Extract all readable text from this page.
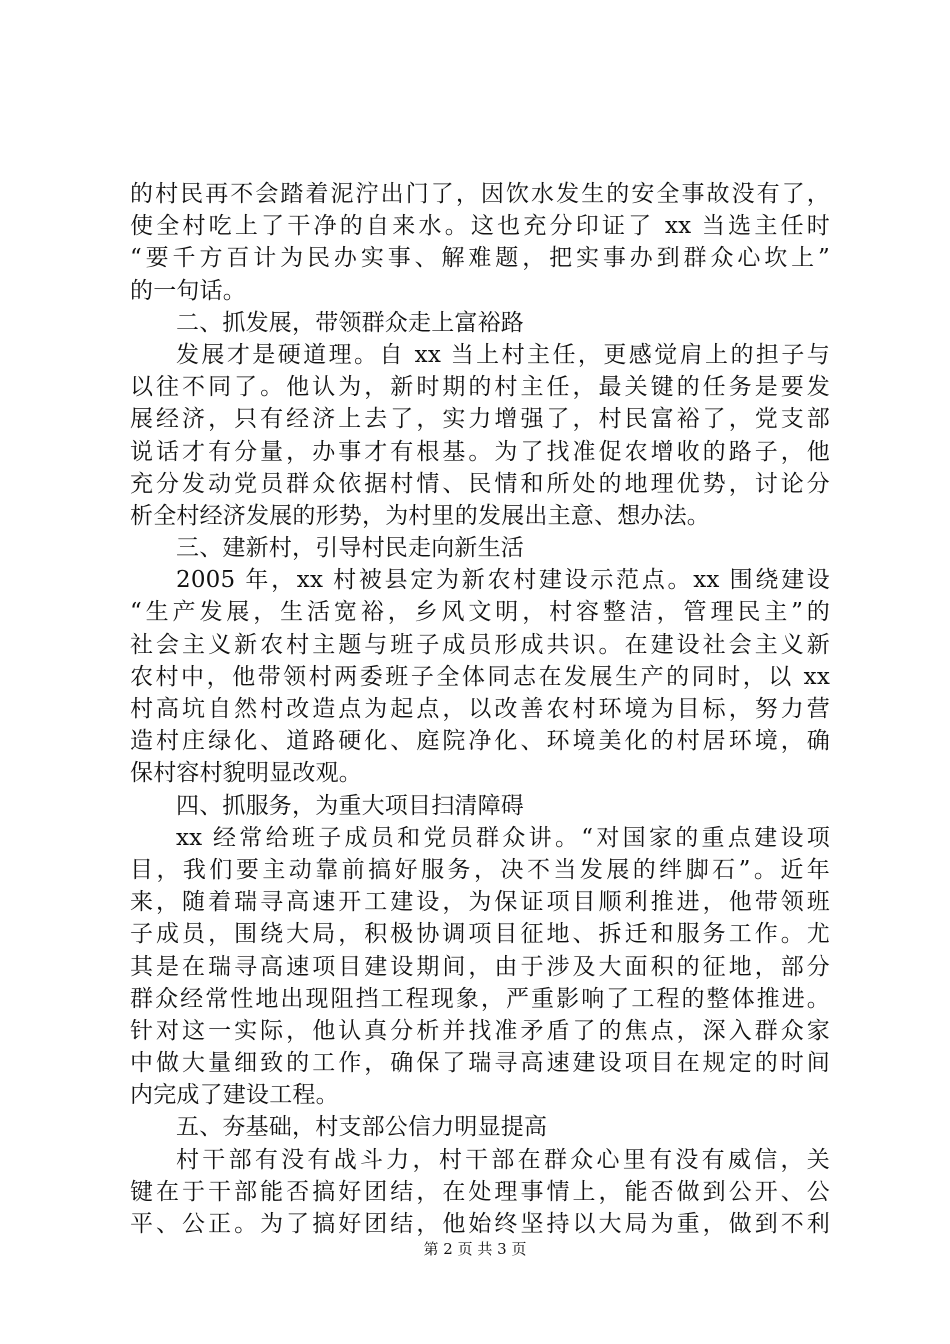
的村民再不会踏着泥泞出门了，因饮水发生的安全事故没有了，
使全村吃上了干净的自来水。这也充分印证了 xx 当选主任时
“要千方百计为民办实事、解难题，把实事办到群众心坎上”
的一句话。
二、抓发展，带领群众走上富裕路
发展才是硬道理。自 xx 当上村主任，更感觉肩上的担子与
以往不同了。他认为，新时期的村主任，最关键的任务是要发
展经济，只有经济上去了，实力增强了，村民富裕了，党支部
说话才有分量，办事才有根基。为了找准促农增收的路子，他
充分发动党员群众依据村情、民情和所处的地理优势，讨论分
析全村经济发展的形势，为村里的发展出主意、想办法。
三、建新村，引导村民走向新生活
2005 年，xx 村被县定为新农村建设示范点。xx 围绕建设
“生产发展，生活宽裕，乡风文明，村容整洁，管理民主”的
社会主义新农村主题与班子成员形成共识。在建设社会主义新
农村中，他带领村两委班子全体同志在发展生产的同时，以 xx
村高坑自然村改造点为起点，以改善农村环境为目标，努力营
造村庄绿化、道路硬化、庭院净化、环境美化的村居环境，确
保村容村貌明显改观。
四、抓服务，为重大项目扫清障碍
xx 经常给班子成员和党员群众讲。“对国家的重点建设项
目，我们要主动靠前搞好服务，决不当发展的绊脚石”。近年
来，随着瑞寻高速开工建设，为保证项目顺利推进，他带领班
子成员，围绕大局，积极协调项目征地、拆迁和服务工作。尤
其是在瑞寻高速项目建设期间，由于涉及大面积的征地，部分
群众经常性地出现阻挡工程现象，严重影响了工程的整体推进。
针对这一实际，他认真分析并找准矛盾了的焦点，深入群众家
中做大量细致的工作，确保了瑞寻高速建设项目在规定的时间
内完成了建设工程。
五、夯基础，村支部公信力明显提高
村干部有没有战斗力，村干部在群众心里有没有威信，关
键在于干部能否搞好团结，在处理事情上，能否做到公开、公
平、公正。为了搞好团结，他始终坚持以大局为重，做到不利
第 2 页 共 3 页
